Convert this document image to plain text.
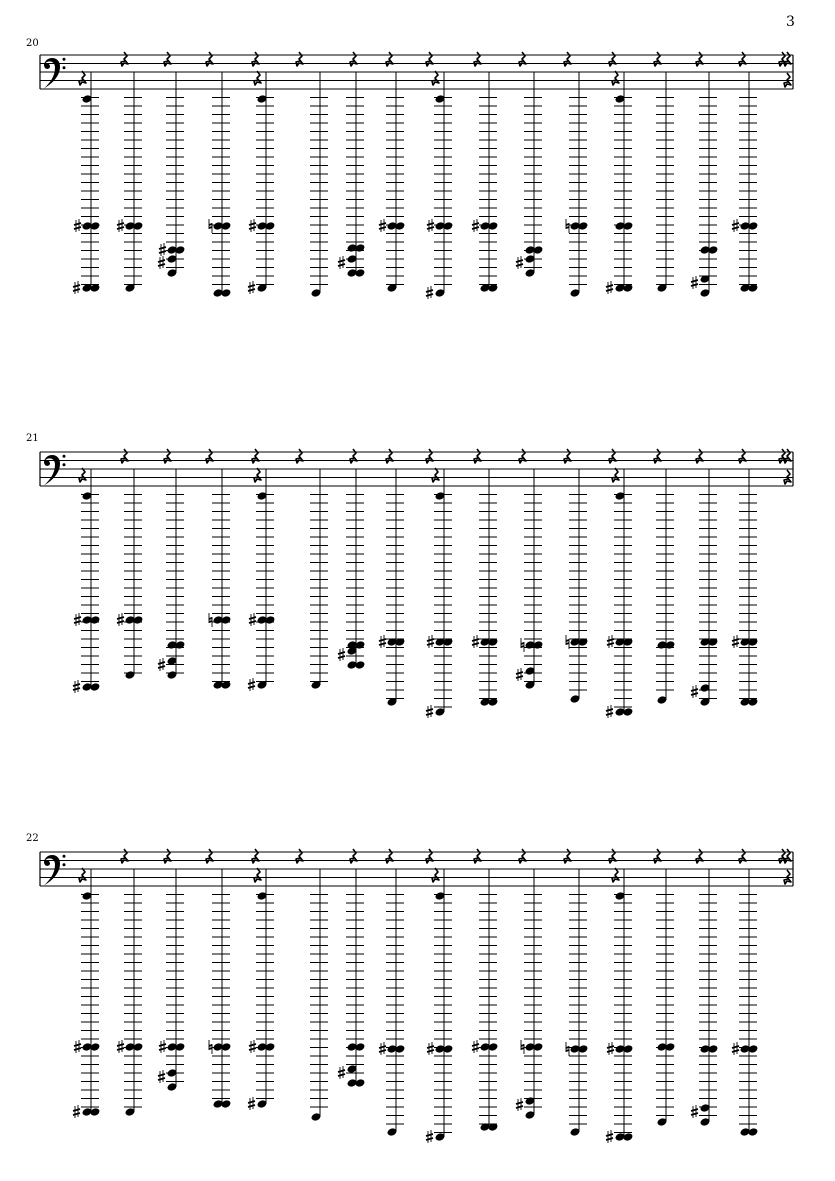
3
20
21
22
